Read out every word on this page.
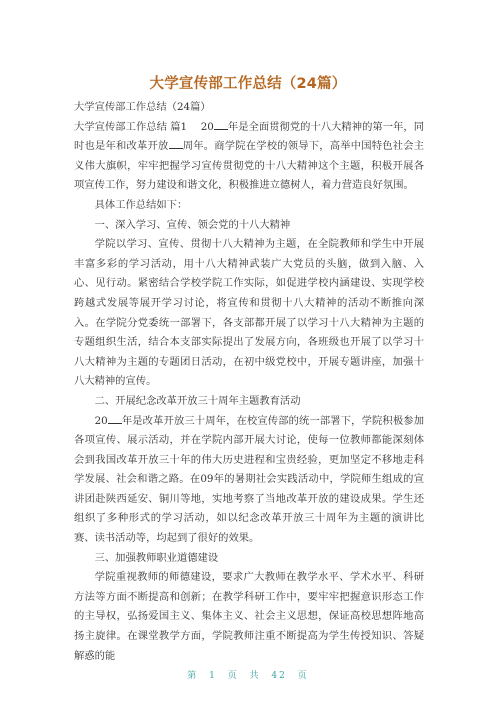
大学宣传部工作总结（24篇）

大学宣传部工作总结（24篇）

大学宣传部工作总结 篇1　 20 年是全面贯彻党的十八大精神的第一年，同时也是年和改革开放 周年。商学院在学校的领导下，高举中国特色社会主义伟大旗帜，牢牢把握学习宣传贯彻党的十八大精神这个主题，积极开展各项宣传工作，努力建设和谐文化，积极推进立德树人，着力营造良好氛围。

具体工作总结如下：

一、深入学习、宣传、领会党的十八大精神

学院以学习、宣传、贯彻十八大精神为主题，在全院教师和学生中开展丰富多彩的学习活动，用十八大精神武装广大党员的头脑，做到入脑、入心、见行动。紧密结合学校学院工作实际，如促进学校内涵建设、实现学校跨越式发展等展开学习讨论，将宣传和贯彻十八大精神的活动不断推向深入。在学院分党委统一部署下，各支部都开展了以学习十八大精神为主题的专题组织生活，结合本支部实际提出了发展方向，各班级也开展了以学习十八大精神为主题的专题团日活动，在初中级党校中，开展专题讲座，加强十八大精神的宣传。

二、开展纪念改革开放三十周年主题教育活动

20 年是改革开放三十周年，在校宣传部的统一部署下，学院积极参加各项宣传、展示活动，并在学院内部开展大讨论，使每一位教师都能深刻体会到我国改革开放三十年的伟大历史进程和宝贵经验，更加坚定不移地走科学发展、社会和谐之路。在09年的暑期社会实践活动中，学院师生组成的宣讲团赴陕西延安、铜川等地，实地考察了当地改革开放的建设成果。学生还组织了多种形式的学习活动，如以纪念改革开放三十周年为主题的演讲比赛、读书活动等，均起到了很好的效果。

三、加强教师职业道德建设

学院重视教师的师德建设，要求广大教师在教学水平、学术水平、科研方法等方面不断提高和创新；在教学科研工作中，要牢牢把握意识形态工作的主导权，弘扬爱国主义、集体主义、社会主义思想，保证高校思想阵地高扬主旋律。在课堂教学方面，学院教师注重不断提高为学生传授知识、答疑解惑的能

第 1 页 共 42 页
